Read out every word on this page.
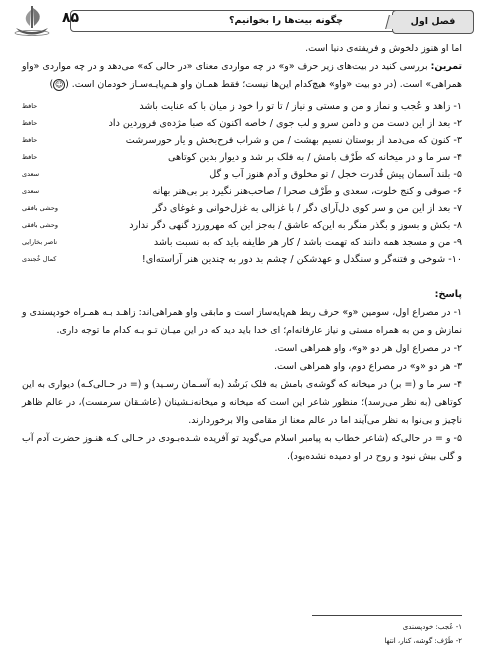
فصل اول
چگونه بیت‌ها را بخوانیم؟
۸۵

اما او هنوز دلخوش و فریفته‌ی دنیا است.

تمرین: بررسی کنید در بیت‌های زیر حرف «و» در چه مواردی معنای «در حالی که» می‌دهد و در چه مواردی «واو همراهی» است. (در دو بیت «واو» هیچ‌کدام این‌ها نیست؛ فقط همـان واو هـم‌پایـه‌سـاز خودمان است. (☺)

۱- زاهد و عُجب و نماز و من و مستی و نیاز / تا تو را خود ز میان با که عنایت باشد
حافظ
۲- بعد از این دست من و دامن سرو و لب جوی / خاصه اکنون که صبا مژده‌ی فروردین داد
حافظ
۳- کنون که می‌دمد از بوستان نسیم بهشت / من و شراب فرح‌بخش و یار حورسرشت
حافظ
۴- سر ما و در میخانه که طَرْف بامش / به فلک بر شد و دیوار بدین کوتاهی
حافظ
۵- بلند آسمان پیش قُدرت خجل / تو مخلوق و آدم هنوز آب و گل
سعدی
۶- صوفی و کنج خلوت، سعدی و طَرْف صحرا / صاحب‌هنر نگیرد بر بی‌هنر بهانه
سعدی
۷- بعد از این من و سر کوی دل‌آرای دگر / با غزالی به غزل‌خوانی و غوغای دگر
وحشی بافقی
۸- بکش و بسوز و بگذر منگر به این‌که عاشق / به‌جز این که مهرورزد گنهی دگر ندارد
وحشی بافقی
۹- من و مسجد همه دانند که تهمت باشد / کار هر طایفه باید که به نسبت باشد
ناصر بخارایی
۱۰- شوخی و فتنه‌گر و سنگدل و عهدشکن / چشم بد دور به چندین هنر آراسته‌ای!
کمال خُجندی
پاسخ:

۱- در مصراع اول، سومین «و» حرف ربط هم‌پایه‌ساز است و مابقی واو همراهی‌اند: زاهـد بـه همـراه خودپسندی و نمازش و من به همراه مستی و نیاز عارفانه‌ام؛ ای خدا باید دید که در این میـان تـو بـه کدام ما توجه داری.

۲- در مصراع اول هر دو «و»، واو همراهی است.

۳- هر دو «و» در مصراع دوم، واو همراهی است.

۴- سر ما و (= بر) در میخانه که گوشه‌ی بامش به فلک بَرشُد (به آسـمان رسـید) و (= در حـالی‌کـه) دیواری به این کوتاهی (به نظر می‌رسد)؛ منظور شاعر این است که میخانه و میخانه‌نـشینان (عاشـقان سرمست)، در عالم ظاهر ناچیز و بی‌نوا به نظر می‌آیند اما در عالم معنا از مقامی والا برخوردارند.

۵- و = در حالی‌که (شاعر خطاب به پیامبر اسلام می‌گوید تو آفریده شـده‌بـودی در حـالی کـه هنـوز حضرت آدم آب و گلی بیش نبود و روح در او دمیده نشده‌بود).

۱- عُجب: خودپسندی
۲- طَرْف: گوشه، کنار، انتها
